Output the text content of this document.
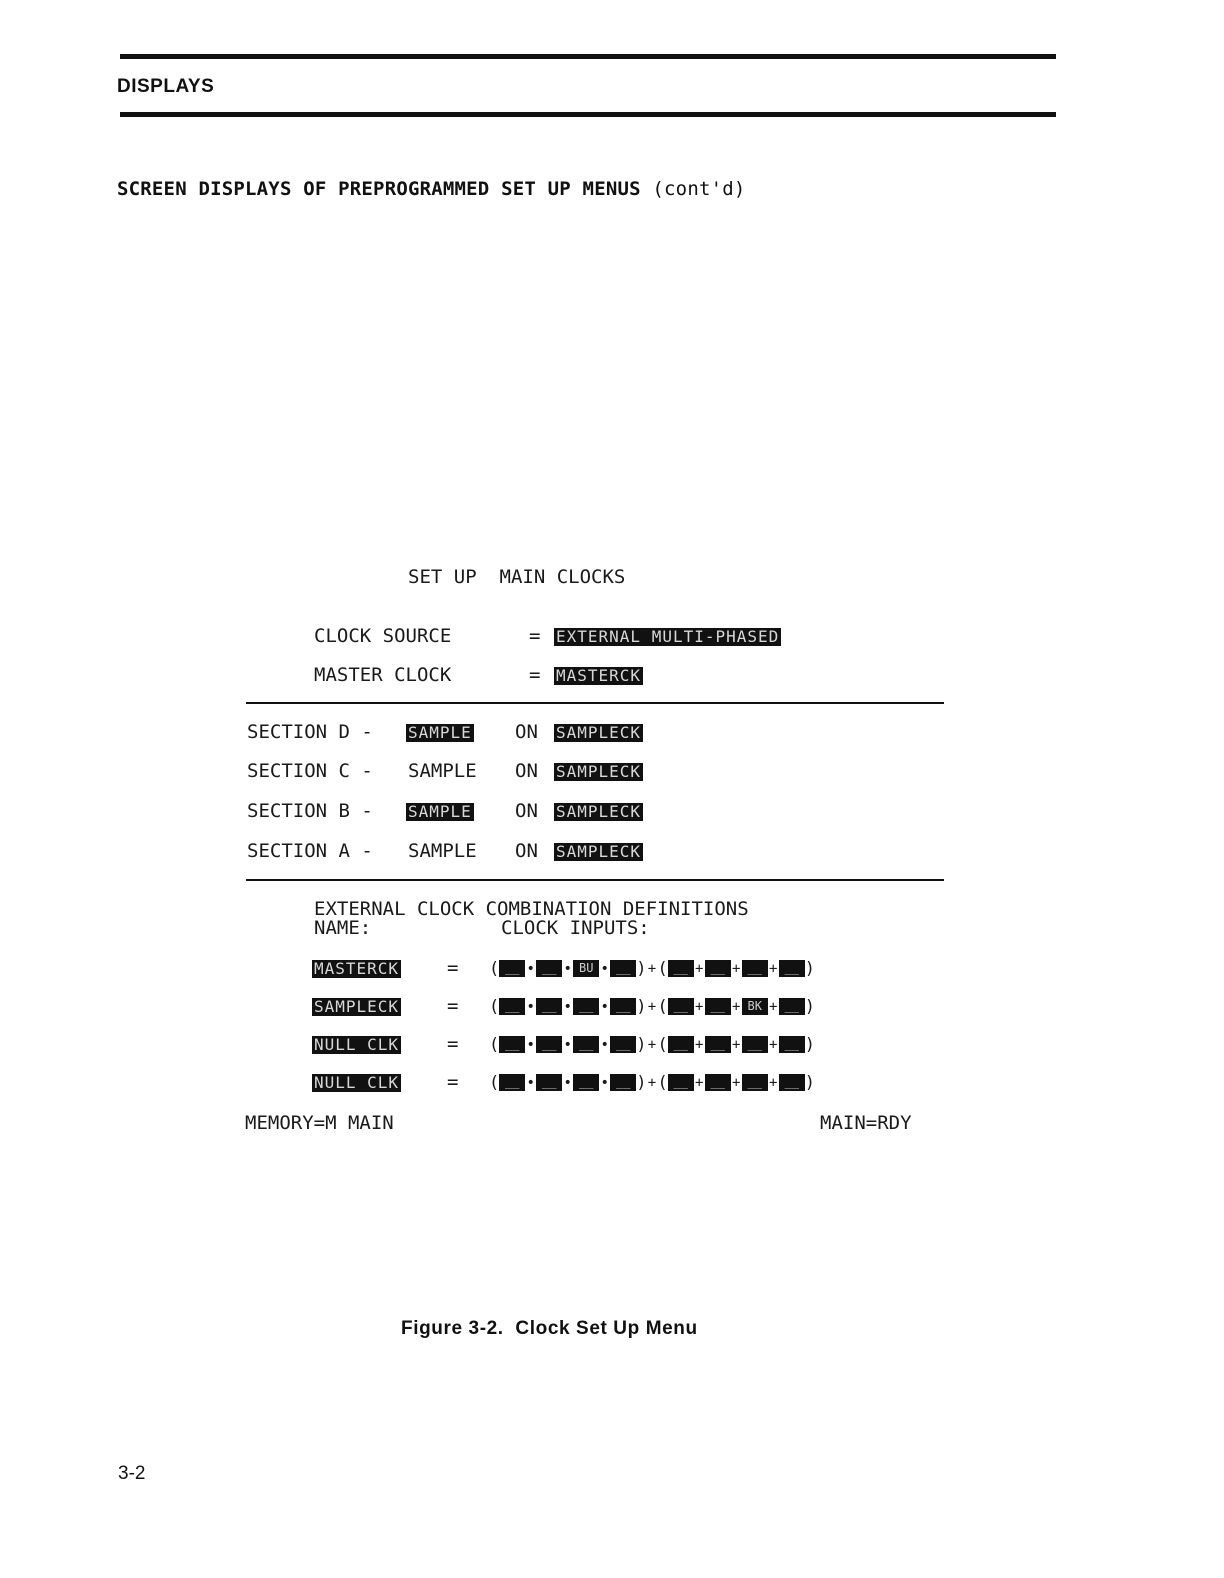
DISPLAYS
SCREEN DISPLAYS OF PREPROGRAMMED SET UP MENUS (cont'd)
SET UP  MAIN CLOCKS
CLOCK SOURCE	= EXTERNAL MULTI-PHASED
MASTER CLOCK	= MASTERCK
SECTION D - SAMPLE ON SAMPLECK
SECTION C - SAMPLE ON SAMPLECK
SECTION B - SAMPLE ON SAMPLECK
SECTION A - SAMPLE ON SAMPLECK
EXTERNAL CLOCK COMBINATION DEFINITIONS
NAME:	CLOCK INPUTS:
MASTERCK	= ( __ • __ • BU • __ )+( __ + __ + __ + __ )
SAMPLECK	= ( __ • __ • __ • __ )+( __ + __ + BK + __ )
NULL CLK	= ( __ • __ • __ • __ )+( __ + __ + __ + __ )
NULL CLK	= ( __ • __ • __ • __ )+( __ + __ + __ + __ )
MEMORY=M MAIN	MAIN=RDY
Figure 3-2.  Clock Set Up Menu
3-2
